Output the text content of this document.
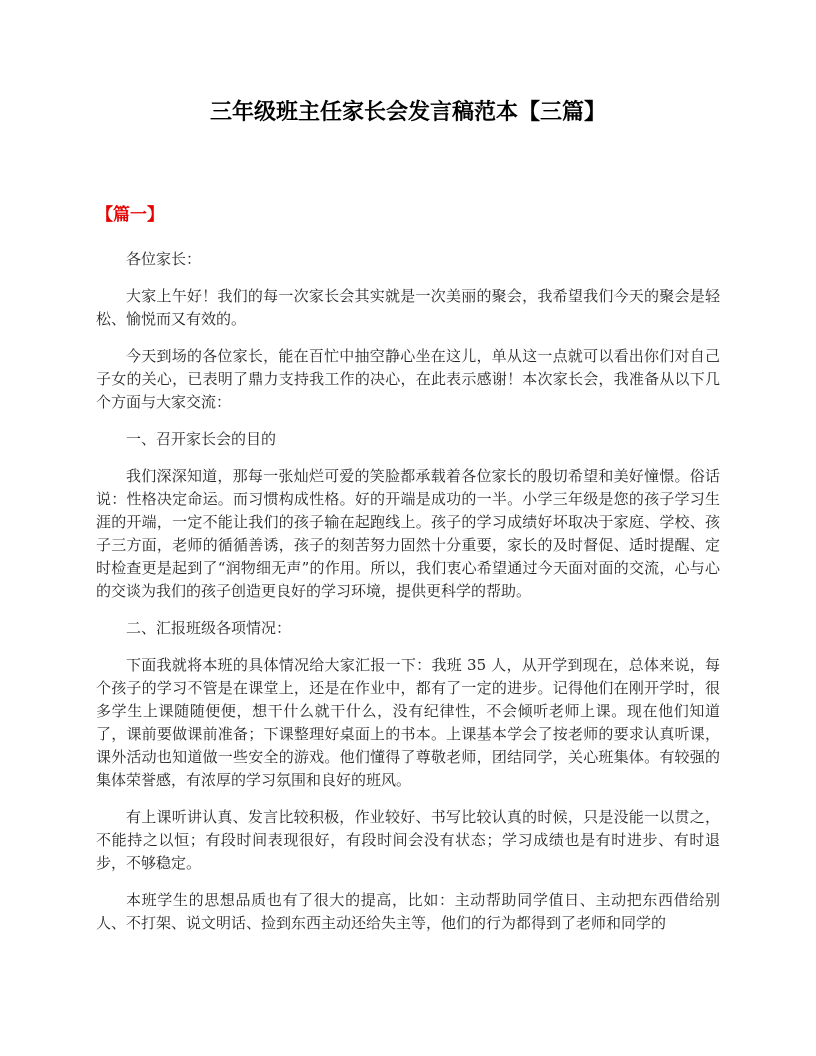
三年级班主任家长会发言稿范本【三篇】
【篇一】

各位家长：

大家上午好！我们的每一次家长会其实就是一次美丽的聚会，我希望我们今天的聚会是轻松、愉悦而又有效的。

今天到场的各位家长，能在百忙中抽空静心坐在这儿，单从这一点就可以看出你们对自己子女的关心，已表明了鼎力支持我工作的决心，在此表示感谢！本次家长会，我准备从以下几个方面与大家交流：

一、召开家长会的目的

我们深深知道，那每一张灿烂可爱的笑脸都承载着各位家长的殷切希望和美好憧憬。俗话说：性格决定命运。而习惯构成性格。好的开端是成功的一半。小学三年级是您的孩子学习生涯的开端，一定不能让我们的孩子输在起跑线上。孩子的学习成绩好坏取决于家庭、学校、孩子三方面，老师的循循善诱，孩子的刻苦努力固然十分重要，家长的及时督促、适时提醒、定时检查更是起到了“润物细无声”的作用。所以，我们衷心希望通过今天面对面的交流，心与心的交谈为我们的孩子创造更良好的学习环境，提供更科学的帮助。

二、汇报班级各项情况：

下面我就将本班的具体情况给大家汇报一下：我班 35 人，从开学到现在，总体来说，每个孩子的学习不管是在课堂上，还是在作业中，都有了一定的进步。记得他们在刚开学时，很多学生上课随随便便，想干什么就干什么，没有纪律性，不会倾听老师上课。现在他们知道了，课前要做课前准备；下课整理好桌面上的书本。上课基本学会了按老师的要求认真听课，课外活动也知道做一些安全的游戏。他们懂得了尊敬老师，团结同学，关心班集体。有较强的集体荣誉感，有浓厚的学习氛围和良好的班风。

有上课听讲认真、发言比较积极，作业较好、书写比较认真的时候，只是没能一以贯之，不能持之以恒；有段时间表现很好，有段时间会没有状态；学习成绩也是有时进步、有时退步，不够稳定。

本班学生的思想品质也有了很大的提高，比如：主动帮助同学值日、主动把东西借给别人、不打架、说文明话、捡到东西主动还给失主等，他们的行为都得到了老师和同学的
